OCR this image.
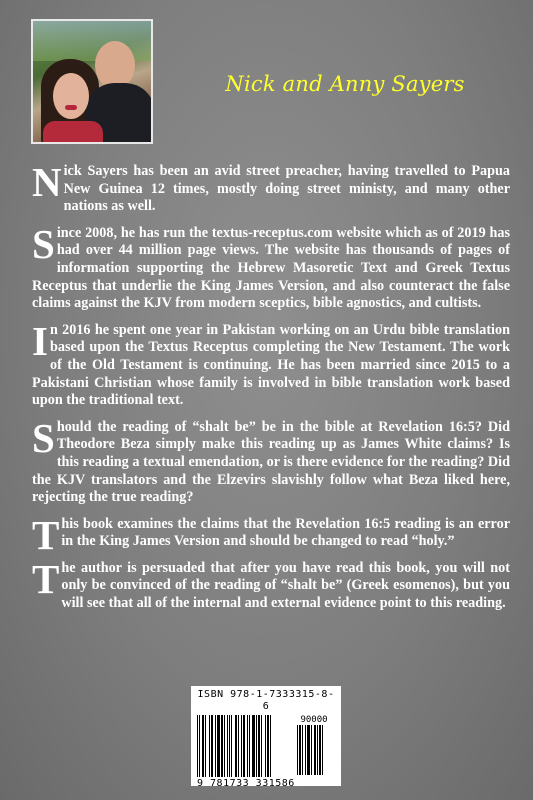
Nick and Anny Sayers

Nick Sayers has been an avid street preacher, having travelled to Papua New Guinea 12 times, mostly doing street ministy, and many other nations as well.

Since 2008, he has run the textus-receptus.com website which as of 2019 has had over 44 million page views. The website has thousands of pages of information supporting the Hebrew Masoretic Text and Greek Textus Receptus that underlie the King James Version, and also counteract the false claims against the KJV from modern sceptics, bible agnostics, and cultists.

In 2016 he spent one year in Pakistan working on an Urdu bible translation based upon the Textus Receptus completing the New Testament. The work of the Old Testament is continuing. He has been married since 2015 to a Pakistani Christian whose family is involved in bible translation work based upon the traditional text.

Should the reading of “shalt be” be in the bible at Revelation 16:5? Did Theodore Beza simply make this reading up as James White claims? Is this reading a textual emendation, or is there evidence for the reading? Did the KJV translators and the Elzevirs slavishly follow what Beza liked here, rejecting the true reading?

This book examines the claims that the Revelation 16:5 reading is an error in the King James Version and should be changed to read “holy.”

The author is persuaded that after you have read this book, you will not only be convinced of the reading of “shalt be” (Greek esomenos), but you will see that all of the internal and external evidence point to this reading.

ISBN 978-1-7333315-8-6
90000
9 781733 331586
